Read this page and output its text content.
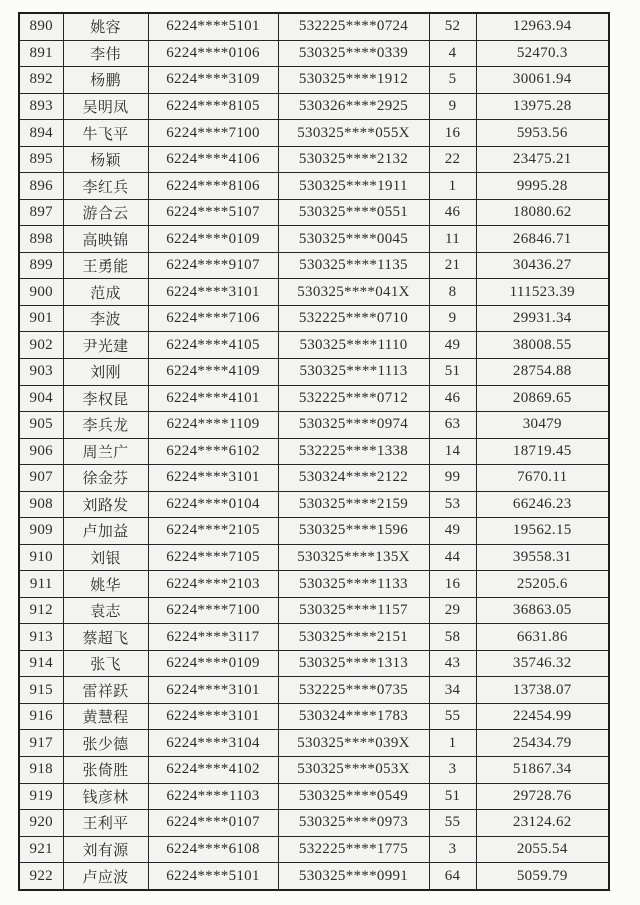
890	姚容	6224****5101	532225****0724	52	12963.94
891	李伟	6224****0106	530325****0339	4	52470.3
892	杨鹏	6224****3109	530325****1912	5	30061.94
893	吴明凤	6224****8105	530326****2925	9	13975.28
894	牛飞平	6224****7100	530325****055X	16	5953.56
895	杨颖	6224****4106	530325****2132	22	23475.21
896	李红兵	6224****8106	530325****1911	1	9995.28
897	游合云	6224****5107	530325****0551	46	18080.62
898	高映锦	6224****0109	530325****0045	11	26846.71
899	王勇能	6224****9107	530325****1135	21	30436.27
900	范成	6224****3101	530325****041X	8	111523.39
901	李波	6224****7106	532225****0710	9	29931.34
902	尹光建	6224****4105	530325****1110	49	38008.55
903	刘刚	6224****4109	530325****1113	51	28754.88
904	李权昆	6224****4101	532225****0712	46	20869.65
905	李兵龙	6224****1109	530325****0974	63	30479
906	周兰广	6224****6102	532225****1338	14	18719.45
907	徐金芬	6224****3101	530324****2122	99	7670.11
908	刘路发	6224****0104	530325****2159	53	66246.23
909	卢加益	6224****2105	530325****1596	49	19562.15
910	刘银	6224****7105	530325****135X	44	39558.31
911	姚华	6224****2103	530325****1133	16	25205.6
912	袁志	6224****7100	530325****1157	29	36863.05
913	蔡超飞	6224****3117	530325****2151	58	6631.86
914	张飞	6224****0109	530325****1313	43	35746.32
915	雷祥跃	6224****3101	532225****0735	34	13738.07
916	黄慧程	6224****3101	530324****1783	55	22454.99
917	张少德	6224****3104	530325****039X	1	25434.79
918	张倚胜	6224****4102	530325****053X	3	51867.34
919	钱彦林	6224****1103	530325****0549	51	29728.76
920	王利平	6224****0107	530325****0973	55	23124.62
921	刘有源	6224****6108	532225****1775	3	2055.54
922	卢应波	6224****5101	530325****0991	64	5059.79
